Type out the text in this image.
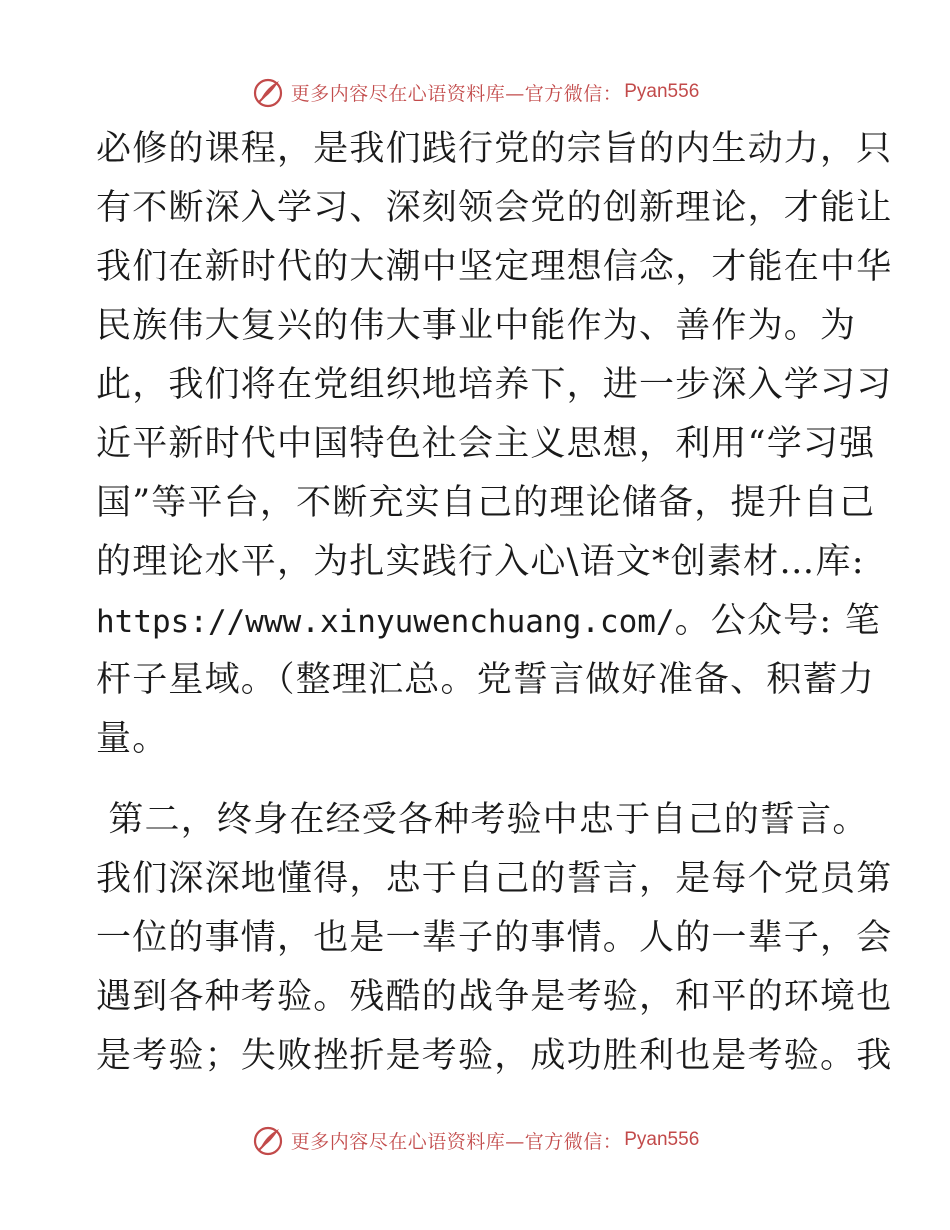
更多内容尽在心语资料库—官方微信： Pyan556
必修的课程，是我们践行党的宗旨的内生动力，只
有不断深入学习、深刻领会党的创新理论，才能让
我们在新时代的大潮中坚定理想信念，才能在中华
民族伟大复兴的伟大事业中能作为、善作为。为
此，我们将在党组织地培养下，进一步深入学习习
近平新时代中国特色社会主义思想，利用“学习强
国”等平台，不断充实自己的理论储备，提升自己
的理论水平，为扎实践行入心\语文*创素材…库:
https://www.xinyuwenchuang.com/。公众号: 笔
杆子星域。（整理汇总。党誓言做好准备、积蓄力
量。
第二，终身在经受各种考验中忠于自己的誓言。
我们深深地懂得，忠于自己的誓言，是每个党员第
一位的事情，也是一辈子的事情。人的一辈子，会
遇到各种考验。残酷的战争是考验，和平的环境也
是考验；失败挫折是考验，成功胜利也是考验。我
更多内容尽在心语资料库—官方微信： Pyan556
